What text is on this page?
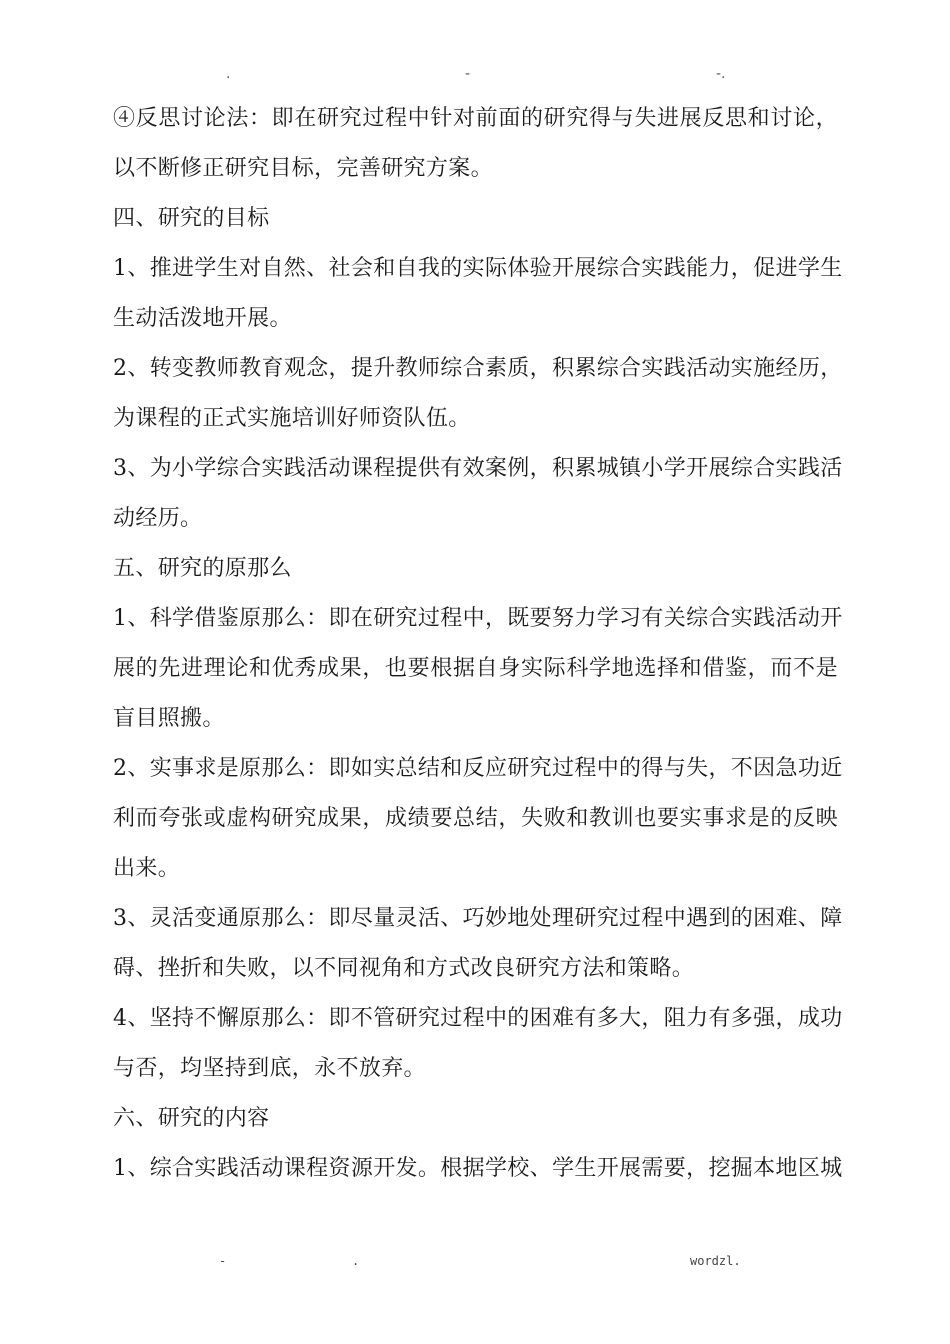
.	-	-.
④反思讨论法：即在研究过程中针对前面的研究得与失进展反思和讨论，
以不断修正研究目标，完善研究方案。
四、研究的目标
1、推进学生对自然、社会和自我的实际体验开展综合实践能力，促进学生
生动活泼地开展。
2、转变教师教育观念，提升教师综合素质，积累综合实践活动实施经历，
为课程的正式实施培训好师资队伍。
3、为小学综合实践活动课程提供有效案例，积累城镇小学开展综合实践活
动经历。
五、研究的原那么
1、科学借鉴原那么：即在研究过程中，既要努力学习有关综合实践活动开
展的先进理论和优秀成果，也要根据自身实际科学地选择和借鉴，而不是
盲目照搬。
2、实事求是原那么：即如实总结和反应研究过程中的得与失，不因急功近
利而夸张或虚构研究成果，成绩要总结，失败和教训也要实事求是的反映
出来。
3、灵活变通原那么：即尽量灵活、巧妙地处理研究过程中遇到的困难、障
碍、挫折和失败，以不同视角和方式改良研究方法和策略。
4、坚持不懈原那么：即不管研究过程中的困难有多大，阻力有多强，成功
与否，均坚持到底，永不放弃。
六、研究的内容
1、综合实践活动课程资源开发。根据学校、学生开展需要，挖掘本地区城
-	.	wordzl.
